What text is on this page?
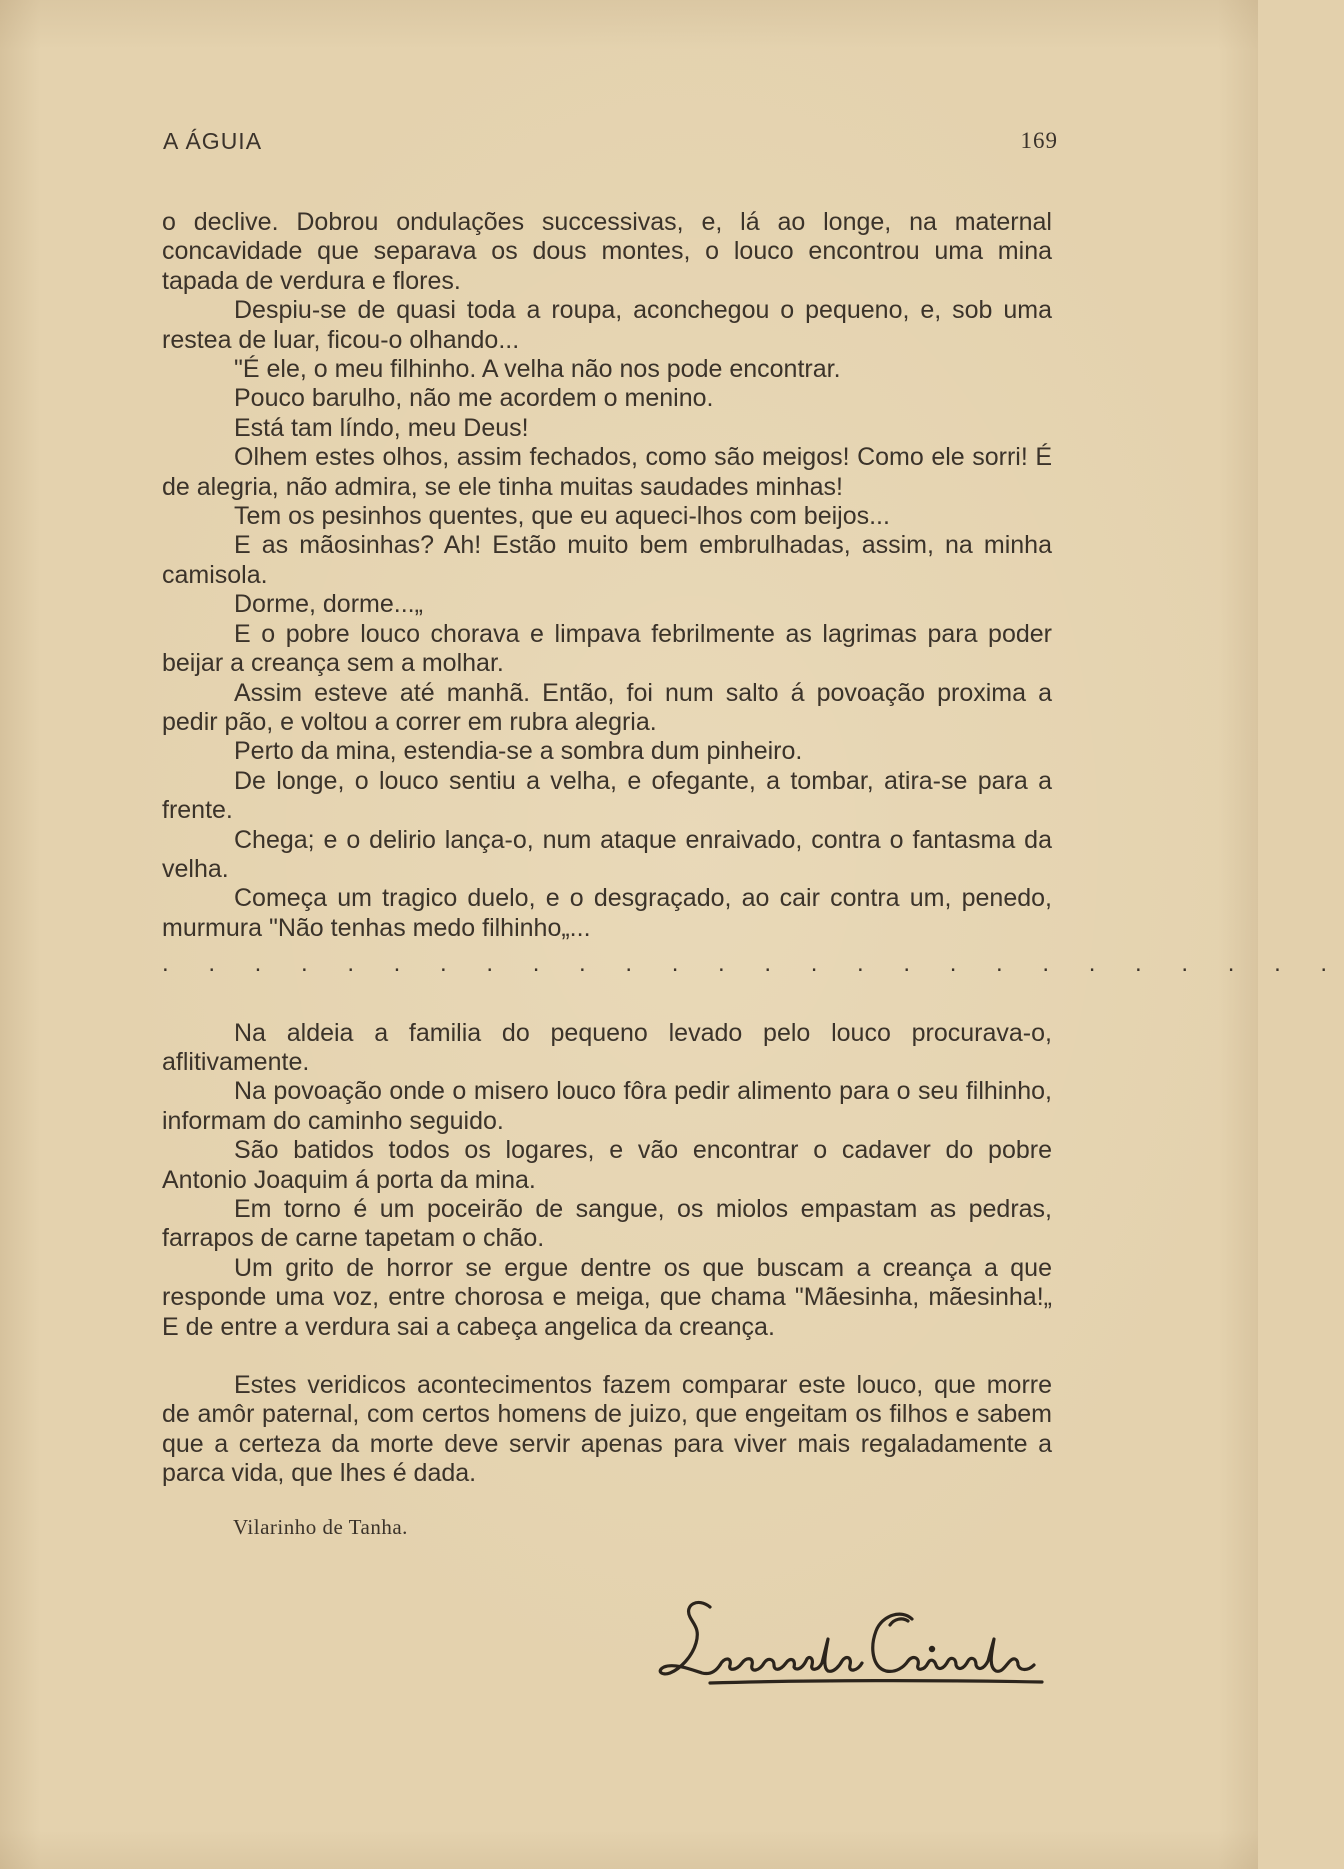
A ÁGUIA	169

o declive. Dobrou ondulações successivas, e, lá ao longe, na maternal concavidade que separava os dous montes, o louco encontrou uma mina tapada de verdura e flores.

Despiu-se de quasi toda a roupa, aconchegou o pequeno, e, sob uma restea de luar, ficou-o olhando...

"É ele, o meu filhinho. A velha não nos pode encontrar.

Pouco barulho, não me acordem o menino.

Está tam líndo, meu Deus!

Olhem estes olhos, assim fechados, como são meigos! Como ele sorri! É de alegria, não admira, se ele tinha muitas saudades minhas!

Tem os pesinhos quentes, que eu aqueci-lhos com beijos...

E as mãosinhas? Ah! Estão muito bem embrulhadas, assim, na minha camisola.

Dorme, dorme...„

E o pobre louco chorava e limpava febrilmente as lagrimas para poder beijar a creança sem a molhar.

Assim esteve até manhã. Então, foi num salto á povoação proxima a pedir pão, e voltou a correr em rubra alegria.

Perto da mina, estendia-se a sombra dum pinheiro.

De longe, o louco sentiu a velha, e ofegante, a tombar, atira-se para a frente.

Chega; e o delirio lança-o, num ataque enraivado, contra o fantasma da velha.

Começa um tragico duelo, e o desgraçado, ao cair contra um, penedo, murmura "Não tenhas medo filhinho„...

. . . . . . . . . . . . . . . . . . . . . . . . . .

Na aldeia a familia do pequeno levado pelo louco procurava-o, aflitivamente.

Na povoação onde o misero louco fôra pedir alimento para o seu filhinho, informam do caminho seguido.

São batidos todos os logares, e vão encontrar o cadaver do pobre Antonio Joaquim á porta da mina.

Em torno é um poceirão de sangue, os miolos empastam as pedras, farrapos de carne tapetam o chão.

Um grito de horror se ergue dentre os que buscam a creança a que responde uma voz, entre chorosa e meiga, que chama "Mãesinha, mãesinha!„ E de entre a verdura sai a cabeça angelica da creança.

Estes veridicos acontecimentos fazem comparar este louco, que morre de amôr paternal, com certos homens de juizo, que engeitam os filhos e sabem que a certeza da morte deve servir apenas para viver mais regaladamente a parca vida, que lhes é dada.

Vilarinho de Tanha.
